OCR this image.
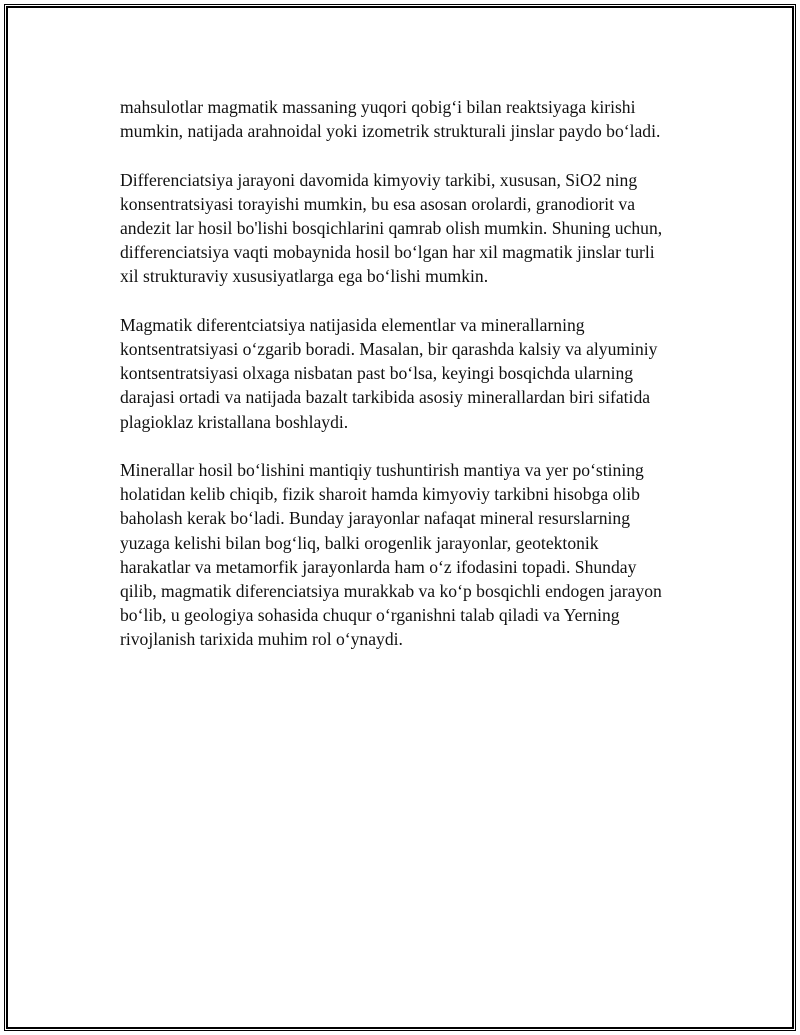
mahsulotlar magmatik massaning yuqori qobig‘i bilan reaktsiyaga kirishi
mumkin, natijada arahnoidal yoki izometrik strukturali jinslar paydo bo‘ladi.

Differenciatsiya jarayoni davomida kimyoviy tarkibi, xususan, SiO2 ning
konsentratsiyasi torayishi mumkin, bu esa asosan orolardi, granodiorit va
andezit lar hosil bo'lishi bosqichlarini qamrab olish mumkin. Shuning uchun,
differenciatsiya vaqti mobaynida hosil bo‘lgan har xil magmatik jinslar turli
xil strukturaviy xususiyatlarga ega bo‘lishi mumkin.

Magmatik diferentciatsiya natijasida elementlar va minerallarning
kontsentratsiyasi o‘zgarib boradi. Masalan, bir qarashda kalsiy va alyuminiy
kontsentratsiyasi olxaga nisbatan past bo‘lsa, keyingi bosqichda ularning
darajasi ortadi va natijada bazalt tarkibida asosiy minerallardan biri sifatida
plagioklaz kristallana boshlaydi.

Minerallar hosil bo‘lishini mantiqiy tushuntirish mantiya va yer po‘stining
holatidan kelib chiqib, fizik sharoit hamda kimyoviy tarkibni hisobga olib
baholash kerak bo‘ladi. Bunday jarayonlar nafaqat mineral resurslarning
yuzaga kelishi bilan bog‘liq, balki orogenlik jarayonlar, geotektonik
harakatlar va metamorfik jarayonlarda ham o‘z ifodasini topadi. Shunday
qilib, magmatik diferenciatsiya murakkab va ko‘p bosqichli endogen jarayon
bo‘lib, u geologiya sohasida chuqur o‘rganishni talab qiladi va Yerning
rivojlanish tarixida muhim rol o‘ynaydi.
